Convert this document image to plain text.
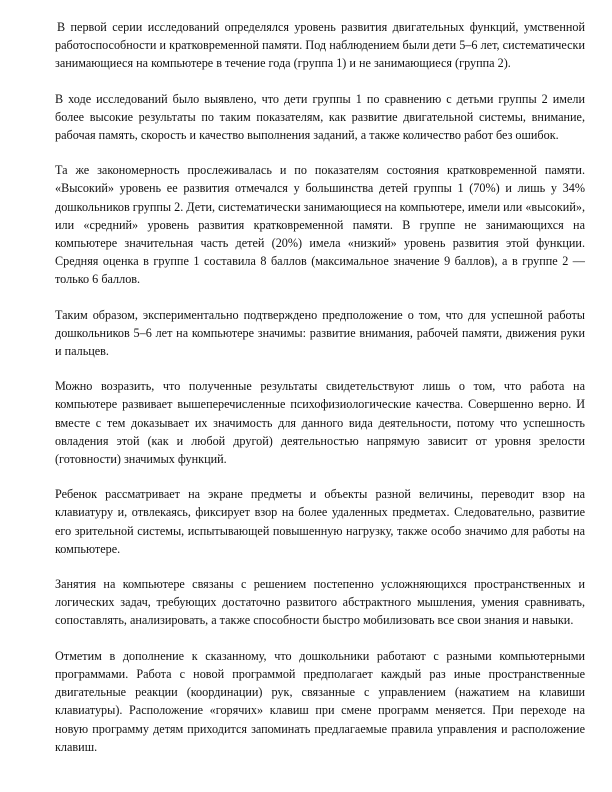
В первой серии исследований определялся уровень развития двигательных функций, умственной работоспособности и кратковременной памяти. Под наблюдением были дети 5–6 лет, систематически занимающиеся на компьютере в течение года (группа 1) и не занимающиеся (группа 2).

В ходе исследований было выявлено, что дети группы 1 по сравнению с детьми группы 2 имели более высокие результаты по таким показателям, как развитие двигательной системы, внимание, рабочая память, скорость и качество выполнения заданий, а также количество работ без ошибок.

Та же закономерность прослеживалась и по показателям состояния кратковременной памяти. «Высокий» уровень ее развития отмечался у большинства детей группы 1 (70%) и лишь у 34% дошкольников группы 2. Дети, систематически занимающиеся на компьютере, имели или «высокий», или «средний» уровень развития кратковременной памяти. В группе не занимающихся на компьютере значительная часть детей (20%) имела «низкий» уровень развития этой функции. Средняя оценка в группе 1 составила 8 баллов (максимальное значение 9 баллов), а в группе 2 — только 6 баллов.

Таким образом, экспериментально подтверждено предположение о том, что для успешной работы дошкольников 5–6 лет на компьютере значимы: развитие внимания, рабочей памяти, движения руки и пальцев.

Можно возразить, что полученные результаты свидетельствуют лишь о том, что работа на компьютере развивает вышеперечисленные психофизиологические качества. Совершенно верно. И вместе с тем доказывает их значимость для данного вида деятельности, потому что успешность овладения этой (как и любой другой) деятельностью напрямую зависит от уровня зрелости (готовности) значимых функций.

Ребенок рассматривает на экране предметы и объекты разной величины, переводит взор на клавиатуру и, отвлекаясь, фиксирует взор на более удаленных предметах. Следовательно, развитие его зрительной системы, испытывающей повышенную нагрузку, также особо значимо для работы на компьютере.

Занятия на компьютере связаны с решением постепенно усложняющихся пространственных и логических задач, требующих достаточно развитого абстрактного мышления, умения сравнивать, сопоставлять, анализировать, а также способности быстро мобилизовать все свои знания и навыки.

Отметим в дополнение к сказанному, что дошкольники работают с разными компьютерными программами. Работа с новой программой предполагает каждый раз иные пространственные двигательные реакции (координации) рук, связанные с управлением (нажатием на клавиши клавиатуры). Расположение «горячих» клавиш при смене программ меняется. При переходе на новую программу детям приходится запоминать предлагаемые правила управления и расположение клавиш.
